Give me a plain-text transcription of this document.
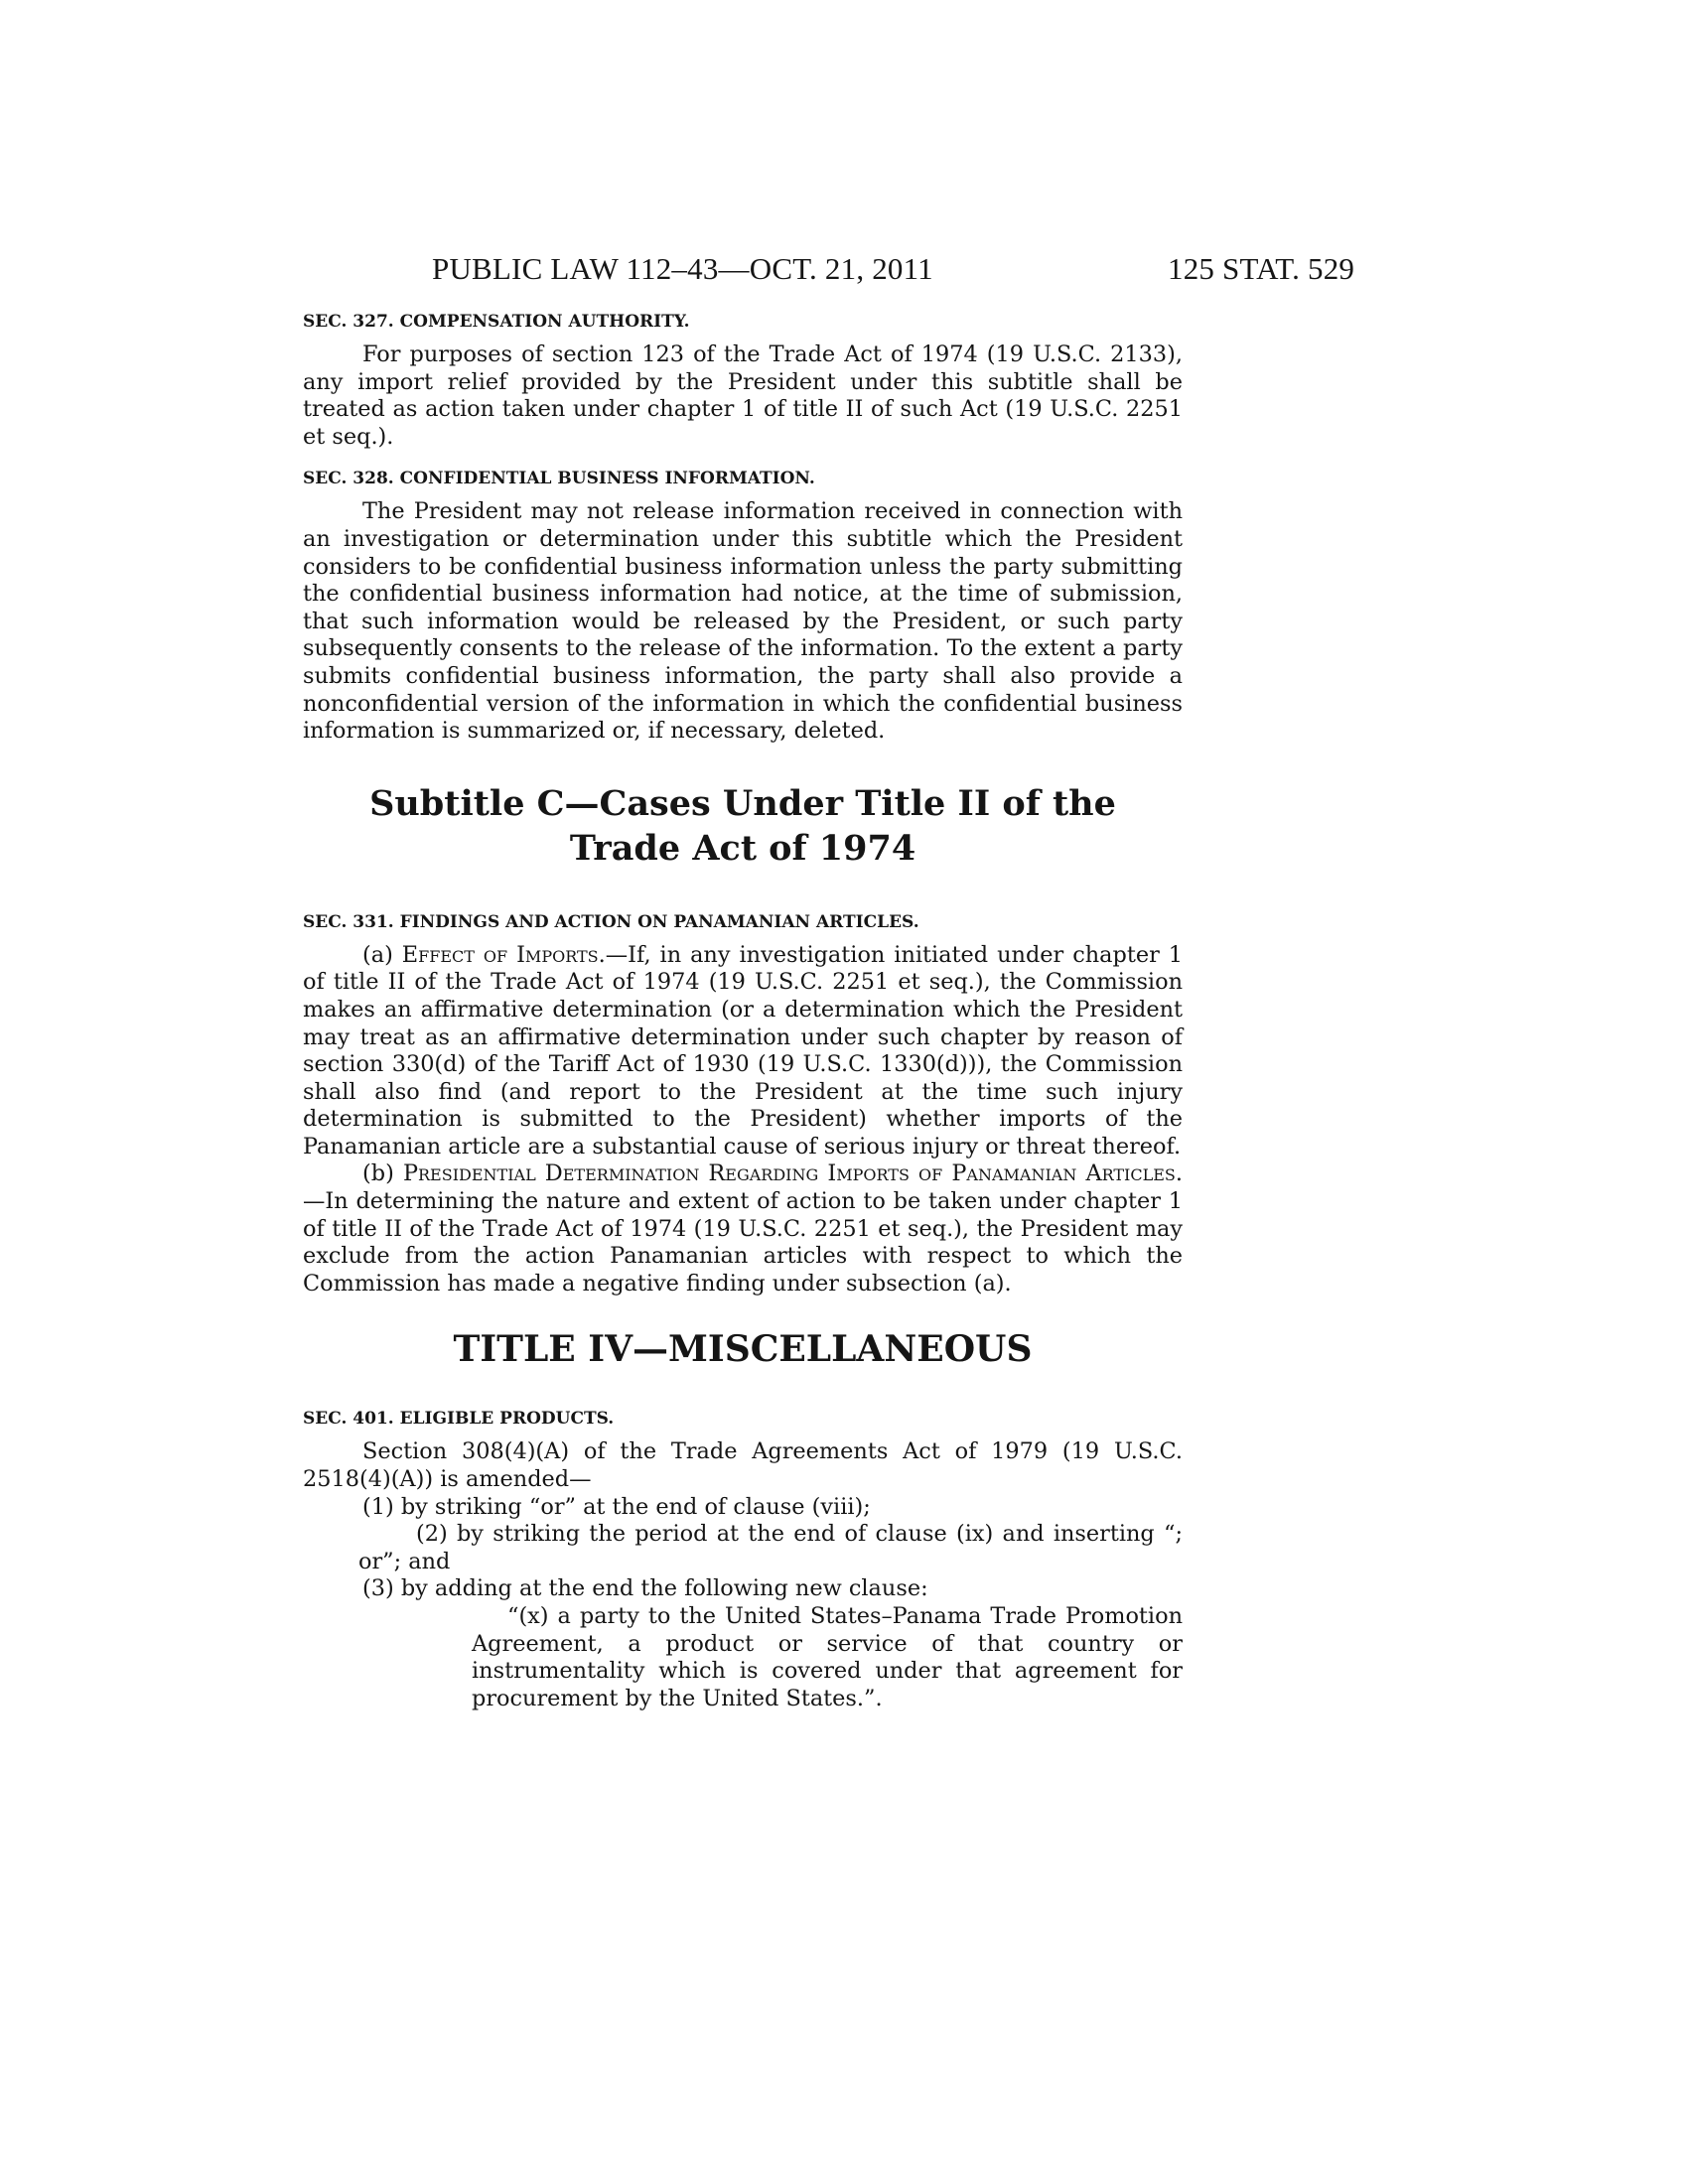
PUBLIC LAW 112–43—OCT. 21, 2011	125 STAT. 529
SEC. 327. COMPENSATION AUTHORITY.

For purposes of section 123 of the Trade Act of 1974 (19 U.S.C. 2133), any import relief provided by the President under this subtitle shall be treated as action taken under chapter 1 of title II of such Act (19 U.S.C. 2251 et seq.).

SEC. 328. CONFIDENTIAL BUSINESS INFORMATION.

The President may not release information received in connection with an investigation or determination under this subtitle which the President considers to be confidential business information unless the party submitting the confidential business information had notice, at the time of submission, that such information would be released by the President, or such party subsequently consents to the release of the information. To the extent a party submits confidential business information, the party shall also provide a nonconfidential version of the information in which the confidential business information is summarized or, if necessary, deleted.

Subtitle C—Cases Under Title II of the
Trade Act of 1974
SEC. 331. FINDINGS AND ACTION ON PANAMANIAN ARTICLES.

(a) Effect of Imports.—If, in any investigation initiated under chapter 1 of title II of the Trade Act of 1974 (19 U.S.C. 2251 et seq.), the Commission makes an affirmative determination (or a determination which the President may treat as an affirmative determination under such chapter by reason of section 330(d) of the Tariff Act of 1930 (19 U.S.C. 1330(d))), the Commission shall also find (and report to the President at the time such injury determination is submitted to the President) whether imports of the Panamanian article are a substantial cause of serious injury or threat thereof.

(b) Presidential Determination Regarding Imports of Panamanian Articles.—In determining the nature and extent of action to be taken under chapter 1 of title II of the Trade Act of 1974 (19 U.S.C. 2251 et seq.), the President may exclude from the action Panamanian articles with respect to which the Commission has made a negative finding under subsection (a).

TITLE IV—MISCELLANEOUS
SEC. 401. ELIGIBLE PRODUCTS.

Section 308(4)(A) of the Trade Agreements Act of 1979 (19 U.S.C. 2518(4)(A)) is amended—

(1) by striking “or” at the end of clause (viii);

(2) by striking the period at the end of clause (ix) and inserting “; or”; and

(3) by adding at the end the following new clause:

“(x) a party to the United States–Panama Trade Promotion Agreement, a product or service of that country or instrumentality which is covered under that agreement for procurement by the United States.”.
